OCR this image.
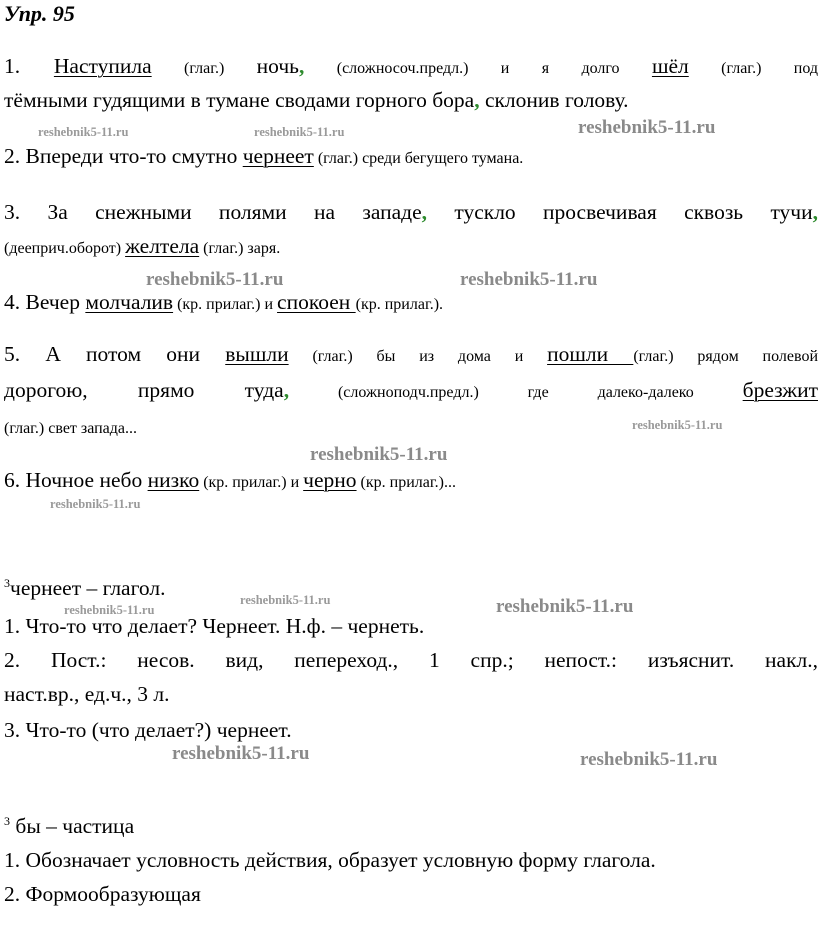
Упр. 95
1. Наступила (глаг.) ночь, (сложносоч.предл.) и я долго шёл (глаг.) под
тёмными гудящими в тумане сводами горного бора, склонив голову.
2. Впереди что-то смутно чернеет (глаг.) среди бегущего тумана.
3. За снежными полями на западе, тускло просвечивая сквозь тучи,
(дееприч.оборот) желтела (глаг.) заря.
4. Вечер молчалив (кр. прилаг.) и спокоен (кр. прилаг.).
5. А потом они вышли (глаг.) бы из дома и пошли (глаг.) рядом полевой
дорогою, прямо туда, (сложноподч.предл.) где далеко-далеко брезжит
(глаг.) свет запада...
6. Ночное небо низко (кр. прилаг.) и черно (кр. прилаг.)...
$^3$чернеет – глагол.
1. Что-то что делает? Чернеет. Н.ф. – чернеть.
2. Пост.: несов. вид, пепереход., 1 спр.; непост.: изъяснит. накл.,
наст.вр., ед.ч., 3 л.
3. Что-то (что делает?) чернеет.
$^3$ бы – частица
1. Обозначает условность действия, образует условную форму глагола.
2. Формообразующая
reshebnik5-11.ru	reshebnik5-11.ru	reshebnik5-11.ru
reshebnik5-11.ru	reshebnik5-11.ru
reshebnik5-11.ru
reshebnik5-11.ru
reshebnik5-11.ru
reshebnik5-11.ru	reshebnik5-11.ru
reshebnik5-11.ru
reshebnik5-11.ru	reshebnik5-11.ru
